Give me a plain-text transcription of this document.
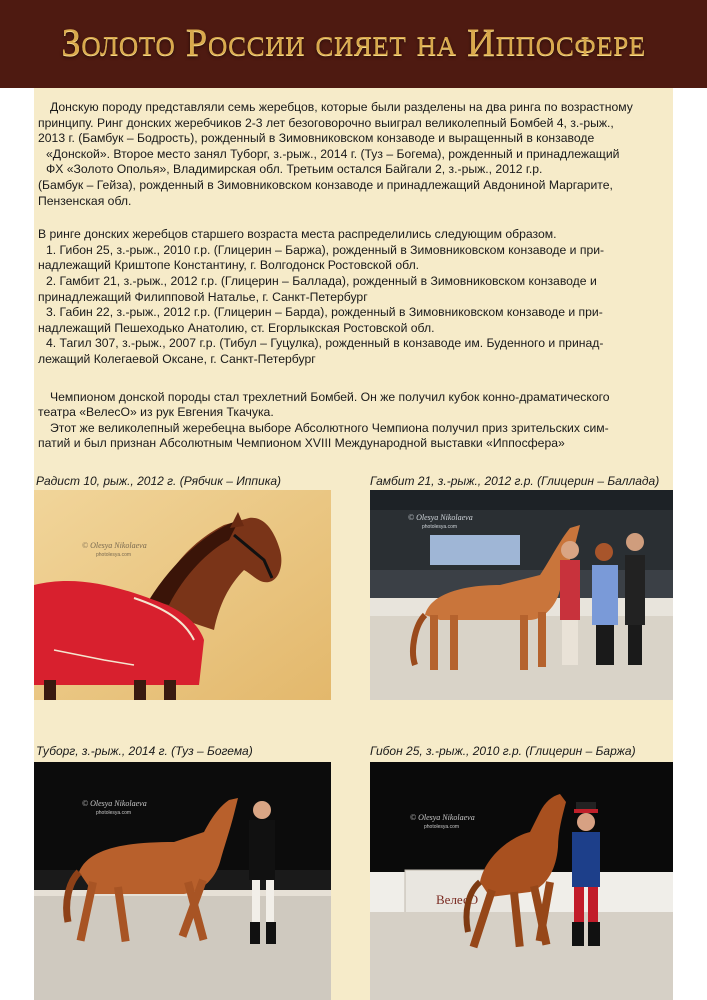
Золото России сияет на Иппосфере

Донскую породу представляли семь жеребцов, которые были разделены на два ринга по возрастному

принципу. Ринг донских жеребчиков 2-3 лет безоговорочно выиграл великолепный Бомбей 4, з.-рыж.,

2013 г. (Бамбук – Бодрость), рожденный в Зимовниковском конзаводе и выращенный в конзаводе

«Донской». Второе место занял Туборг, з.-рыж., 2014 г. (Туз – Богема), рожденный и принадлежащий

ФХ «Золото Ополья», Владимирская обл. Третьим остался Байгали 2, з.-рыж., 2012 г.р.

(Бамбук – Гейза), рожденный в Зимовниковском конзаводе и принадлежащий Авдониной Маргарите,

Пензенская обл.

В ринге донских жеребцов старшего возраста места распределились следующим образом.

1. Гибон 25, з.-рыж., 2010 г.р. (Глицерин – Баржа), рожденный в Зимовниковском конзаводе и при-

надлежащий Криштопе Константину, г. Волгодонск Ростовской обл.

2. Гамбит 21, з.-рыж., 2012 г.р. (Глицерин – Баллада), рожденный в Зимовниковском конзаводе и

принадлежащий Филипповой Наталье, г. Санкт-Петербург

3. Габин 22, з.-рыж., 2012 г.р. (Глицерин – Барда), рожденный в Зимовниковском конзаводе и при-

надлежащий Пешеходько Анатолию, ст. Егорлыкская Ростовской обл.

4. Тагил 307, з.-рыж., 2007 г.р. (Тибул – Гуцулка), рожденный в конзаводе им. Буденного и принад-

лежащий Колегаевой Оксане, г. Санкт-Петербург

Чемпионом донской породы стал трехлетний Бомбей. Он же получил кубок конно-драматического

театра «ВелесО» из рук Евгения Ткачука.

Этот же великолепный жеребецна выборе Абсолютного Чемпиона получил приз зрительских сим-

патий и был признан Абсолютным Чемпионом XVIII Международной выставки «Иппосфера»

Радист 10, рыж., 2012 г. (Рябчик – Иппика)
© Olesya Nikolaeva
photolesya.com
Гамбит 21, з.-рыж., 2012 г.р. (Глицерин – Баллада)
© Olesya Nikolaeva
photolesya.com
Туборг, з.-рыж., 2014 г. (Туз – Богема)
© Olesya Nikolaeva
photolesya.com
Гибон 25, з.-рыж., 2010 г.р. (Глицерин – Баржа)
ВелесО
© Olesya Nikolaeva
photolesya.com
